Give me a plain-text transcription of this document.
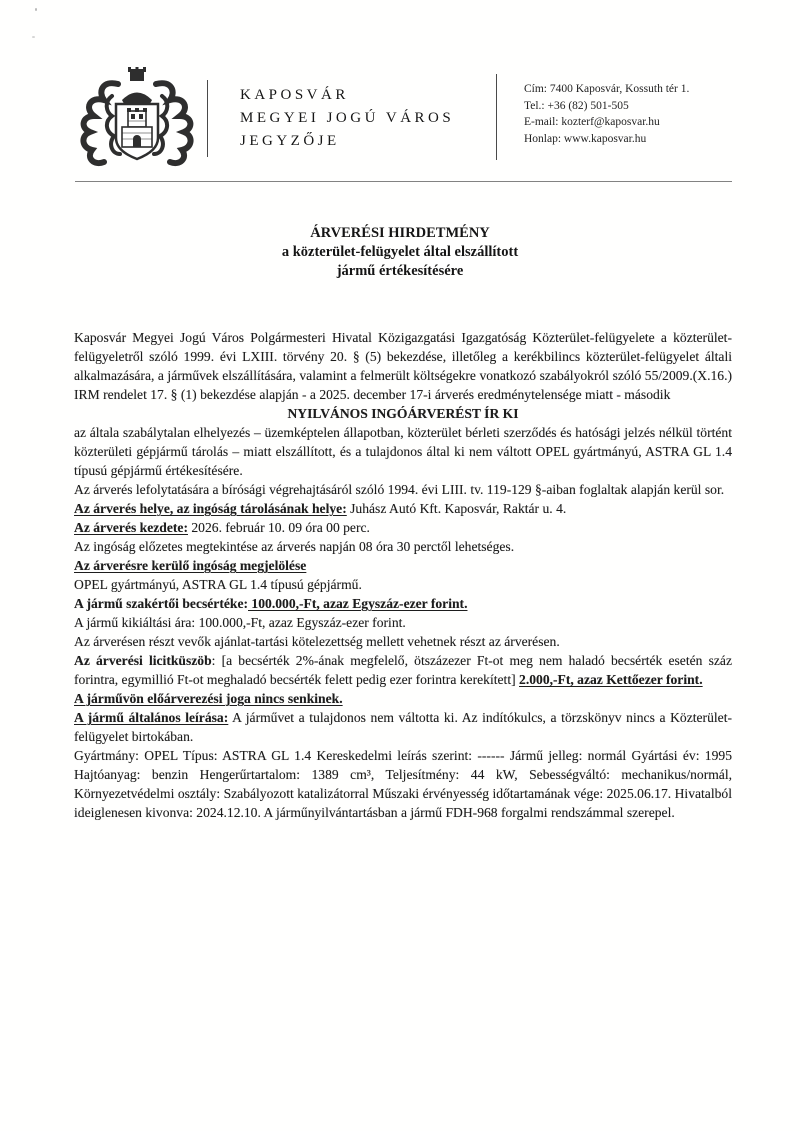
KAPOSVÁR
MEGYEI JOGÚ VÁROS
JEGYZŐJE
Cím: 7400 Kaposvár, Kossuth tér 1.
Tel.: +36 (82) 501-505
E-mail: kozterf@kaposvar.hu
Honlap: www.kaposvar.hu
ÁRVERÉSI HIRDETMÉNY
a közterület-felügyelet által elszállított
jármű értékesítésére

Kaposvár Megyei Jogú Város Polgármesteri Hivatal Közigazgatási Igazgatóság Közterület-felügyelete a közterület-felügyeletről szóló 1999. évi LXIII. törvény 20. § (5) bekezdése, illetőleg a kerékbilincs közterület-felügyelet általi alkalmazására, a járművek elszállítására, valamint a felmerült költségekre vonatkozó szabályokról szóló 55/2009.(X.16.) IRM rendelet 17. § (1) bekezdése alapján - a 2025. december 17-i árverés eredménytelensége miatt - második

NYILVÁNOS INGÓÁRVERÉST ÍR KI

az általa szabálytalan elhelyezés – üzemképtelen állapotban, közterület bérleti szerződés és hatósági jelzés nélkül történt közterületi gépjármű tárolás – miatt elszállított, és a tulajdonos által ki nem váltott OPEL gyártmányú, ASTRA GL 1.4 típusú gépjármű értékesítésére.

Az árverés lefolytatására a bírósági végrehajtásáról szóló 1994. évi LIII. tv. 119-129 §-aiban foglaltak alapján kerül sor.

Az árverés helye, az ingóság tárolásának helye: Juhász Autó Kft. Kaposvár, Raktár u. 4.

Az árverés kezdete: 2026. február 10. 09 óra 00 perc.

Az ingóság előzetes megtekintése az árverés napján 08 óra 30 perctől lehetséges.

Az árverésre kerülő ingóság megjelölése

OPEL gyártmányú, ASTRA GL 1.4 típusú gépjármű.

A jármű szakértői becsértéke: 100.000,-Ft, azaz Egyszáz-ezer forint.

A jármű kikiáltási ára: 100.000,-Ft, azaz Egyszáz-ezer forint.

Az árverésen részt vevők ajánlat-tartási kötelezettség mellett vehetnek részt az árverésen.

Az árverési licitküszöb: [a becsérték 2%-ának megfelelő, ötszázezer Ft-ot meg nem haladó becsérték esetén száz forintra, egymillió Ft-ot meghaladó becsérték felett pedig ezer forintra kerekített] 2.000,-Ft, azaz Kettőezer forint.

A járművön előárverezési joga nincs senkinek.

A jármű általános leírása: A járművet a tulajdonos nem váltotta ki. Az indítókulcs, a törzskönyv nincs a Közterület-felügyelet birtokában.

Gyártmány: OPEL Típus: ASTRA GL 1.4 Kereskedelmi leírás szerint: ------ Jármű jelleg: normál Gyártási év: 1995 Hajtóanyag: benzin Hengerűrtartalom: 1389 cm³, Teljesítmény: 44 kW, Sebességváltó: mechanikus/normál, Környezetvédelmi osztály: Szabályozott katalizátorral Műszaki érvényesség időtartamának vége: 2025.06.17. Hivatalból ideiglenesen kivonva: 2024.12.10. A járműnyilvántartásban a jármű FDH-968 forgalmi rendszámmal szerepel.
